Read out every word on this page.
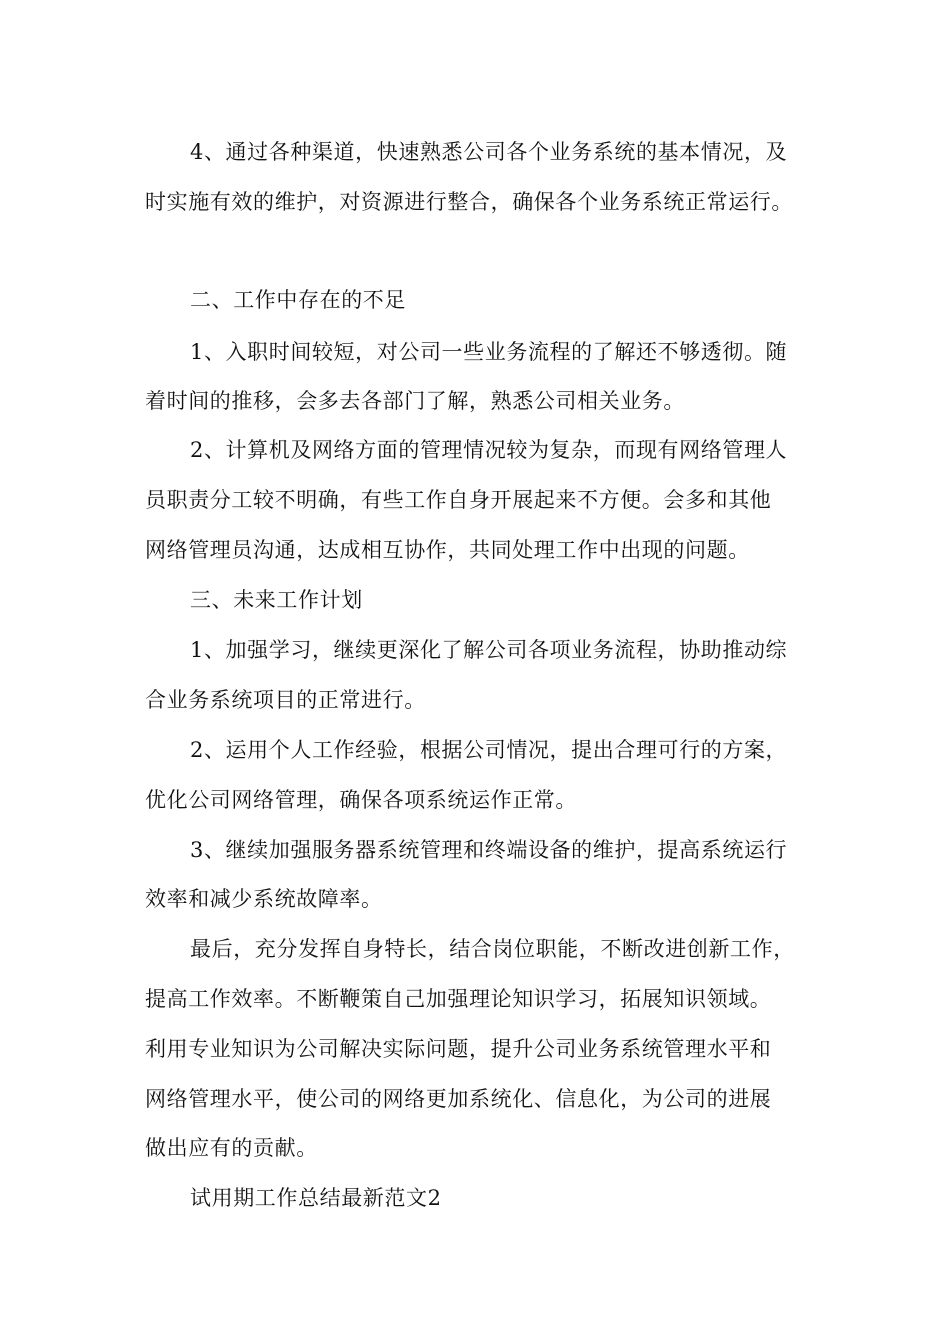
4、通过各种渠道，快速熟悉公司各个业务系统的基本情况，及
时实施有效的维护，对资源进行整合，确保各个业务系统正常运行。
二、工作中存在的不足
1、入职时间较短，对公司一些业务流程的了解还不够透彻。随
着时间的推移，会多去各部门了解，熟悉公司相关业务。
2、计算机及网络方面的管理情况较为复杂，而现有网络管理人
员职责分工较不明确，有些工作自身开展起来不方便。会多和其他
网络管理员沟通，达成相互协作，共同处理工作中出现的问题。
三、未来工作计划
1、加强学习，继续更深化了解公司各项业务流程，协助推动综
合业务系统项目的正常进行。
2、运用个人工作经验，根据公司情况，提出合理可行的方案，
优化公司网络管理，确保各项系统运作正常。
3、继续加强服务器系统管理和终端设备的维护，提高系统运行
效率和减少系统故障率。
最后，充分发挥自身特长，结合岗位职能，不断改进创新工作，
提高工作效率。不断鞭策自己加强理论知识学习，拓展知识领域。
利用专业知识为公司解决实际问题，提升公司业务系统管理水平和
网络管理水平，使公司的网络更加系统化、信息化，为公司的进展
做出应有的贡献。
试用期工作总结最新范文2
